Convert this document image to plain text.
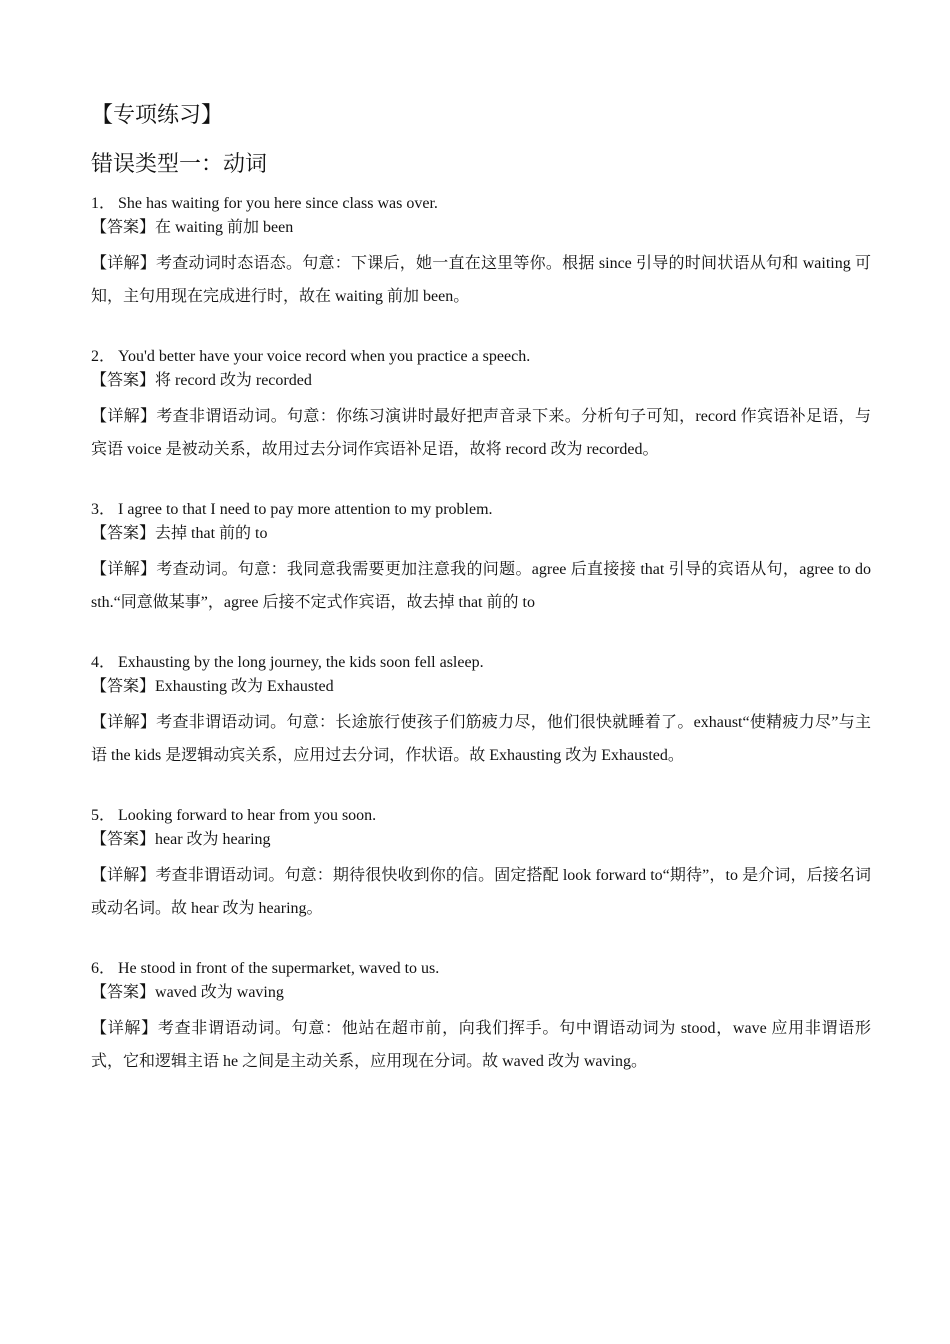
【专项练习】
错误类型一：动词
1． She has waiting for you here since class was over.
【答案】在 waiting 前加 been
【详解】考查动词时态语态。句意：下课后，她一直在这里等你。根据 since 引导的时间状语从句和 waiting 可知，主句用现在完成进行时，故在 waiting 前加 been。
2． You'd better have your voice record when you practice a speech.
【答案】将 record 改为 recorded
【详解】考查非谓语动词。句意：你练习演讲时最好把声音录下来。分析句子可知，record 作宾语补足语，与宾语 voice 是被动关系，故用过去分词作宾语补足语，故将 record 改为 recorded。
3． I agree to that I need to pay more attention to my problem.
【答案】去掉 that 前的 to
【详解】考查动词。句意：我同意我需要更加注意我的问题。agree 后直接接 that 引导的宾语从句，agree to do sth.“同意做某事”，agree 后接不定式作宾语，故去掉 that 前的 to
4． Exhausting by the long journey, the kids soon fell asleep.
【答案】Exhausting 改为 Exhausted
【详解】考查非谓语动词。句意：长途旅行使孩子们筋疲力尽，他们很快就睡着了。exhaust“使精疲力尽”与主语 the kids 是逻辑动宾关系，应用过去分词，作状语。故 Exhausting 改为 Exhausted。
5． Looking forward to hear from you soon.
【答案】hear 改为 hearing
【详解】考查非谓语动词。句意：期待很快收到你的信。固定搭配 look forward to“期待”，to 是介词，后接名词或动名词。故 hear 改为 hearing。
6． He stood in front of the supermarket, waved to us.
【答案】waved 改为 waving
【详解】考查非谓语动词。句意：他站在超市前，向我们挥手。句中谓语动词为 stood，wave 应用非谓语形式，它和逻辑主语 he 之间是主动关系，应用现在分词。故 waved 改为 waving。
